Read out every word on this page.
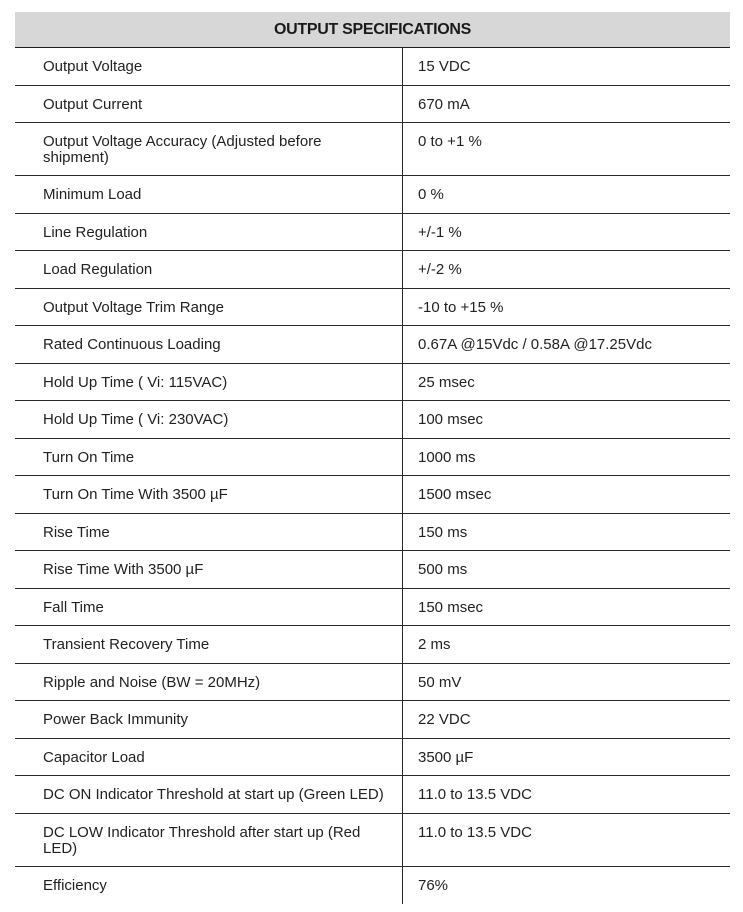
OUTPUT SPECIFICATIONS	
Output Voltage	15 VDC
Output Current	670 mA
Output Voltage Accuracy (Adjusted before shipment)	0 to +1 %
Minimum Load	0 %
Line Regulation	+/-1 %
Load Regulation	+/-2 %
Output Voltage Trim Range	-10 to +15 %
Rated Continuous Loading	0.67A @15Vdc / 0.58A @17.25Vdc
Hold Up Time ( Vi: 115VAC)	25 msec
Hold Up Time ( Vi: 230VAC)	100 msec
Turn On Time	1000 ms
Turn On Time With 3500 µF	1500 msec
Rise Time	150 ms
Rise Time With 3500 µF	500 ms
Fall Time	150 msec
Transient Recovery Time	2 ms
Ripple and Noise (BW = 20MHz)	50 mV
Power Back Immunity	22 VDC
Capacitor Load	3500 µF
DC ON Indicator Threshold at start up (Green LED)	11.0 to 13.5 VDC
DC LOW Indicator Threshold after start up (Red LED)	11.0 to 13.5 VDC
Efficiency	76%
